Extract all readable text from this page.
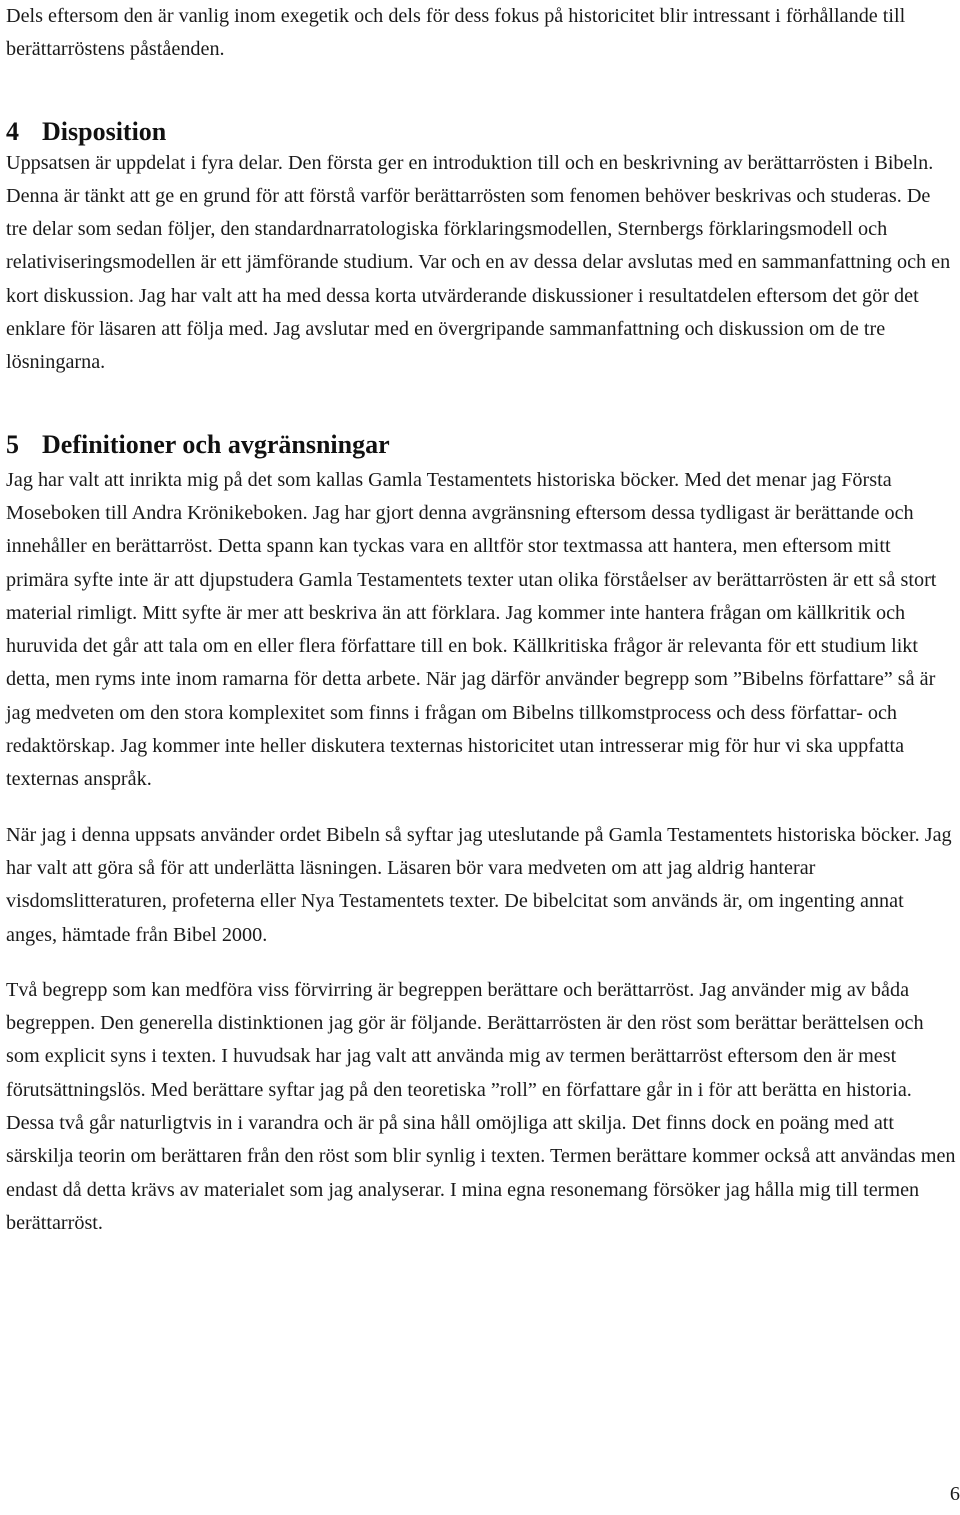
Dels eftersom den är vanlig inom exegetik och dels för dess fokus på historicitet blir intressant i förhållande till berättarröstens påståenden.

4 Disposition

Uppsatsen är uppdelat i fyra delar. Den första ger en introduktion till och en beskrivning av berättarrösten i Bibeln. Denna är tänkt att ge en grund för att förstå varför berättarrösten som fenomen behöver beskrivas och studeras. De tre delar som sedan följer, den standardnarratologiska förklaringsmodellen, Sternbergs förklaringsmodell och relativiseringsmodellen är ett jämförande studium. Var och en av dessa delar avslutas med en sammanfattning och en kort diskussion. Jag har valt att ha med dessa korta utvärderande diskussioner i resultatdelen eftersom det gör det enklare för läsaren att följa med. Jag avslutar med en övergripande sammanfattning och diskussion om de tre lösningarna.

5 Definitioner och avgränsningar

Jag har valt att inrikta mig på det som kallas Gamla Testamentets historiska böcker. Med det menar jag Första Moseboken till Andra Krönikeboken. Jag har gjort denna avgränsning eftersom dessa tydligast är berättande och innehåller en berättarröst. Detta spann kan tyckas vara en alltför stor textmassa att hantera, men eftersom mitt primära syfte inte är att djupstudera Gamla Testamentets texter utan olika förståelser av berättarrösten är ett så stort material rimligt. Mitt syfte är mer att beskriva än att förklara. Jag kommer inte hantera frågan om källkritik och huruvida det går att tala om en eller flera författare till en bok. Källkritiska frågor är relevanta för ett studium likt detta, men ryms inte inom ramarna för detta arbete. När jag därför använder begrepp som ”Bibelns författare” så är jag medveten om den stora komplexitet som finns i frågan om Bibelns tillkomstprocess och dess författar- och redaktörskap. Jag kommer inte heller diskutera texternas historicitet utan intresserar mig för hur vi ska uppfatta texternas anspråk.

När jag i denna uppsats använder ordet Bibeln så syftar jag uteslutande på Gamla Testamentets historiska böcker. Jag har valt att göra så för att underlätta läsningen. Läsaren bör vara medveten om att jag aldrig hanterar visdomslitteraturen, profeterna eller Nya Testamentets texter. De bibelcitat som används är, om ingenting annat anges, hämtade från Bibel 2000.

Två begrepp som kan medföra viss förvirring är begreppen berättare och berättarröst. Jag använder mig av båda begreppen. Den generella distinktionen jag gör är följande. Berättarrösten är den röst som berättar berättelsen och som explicit syns i texten. I huvudsak har jag valt att använda mig av termen berättarröst eftersom den är mest förutsättningslös. Med berättare syftar jag på den teoretiska ”roll” en författare går in i för att berätta en historia. Dessa två går naturligtvis in i varandra och är på sina håll omöjliga att skilja. Det finns dock en poäng med att särskilja teorin om berättaren från den röst som blir synlig i texten. Termen berättare kommer också att användas men endast då detta krävs av materialet som jag analyserar. I mina egna resonemang försöker jag hålla mig till termen berättarröst.

6
